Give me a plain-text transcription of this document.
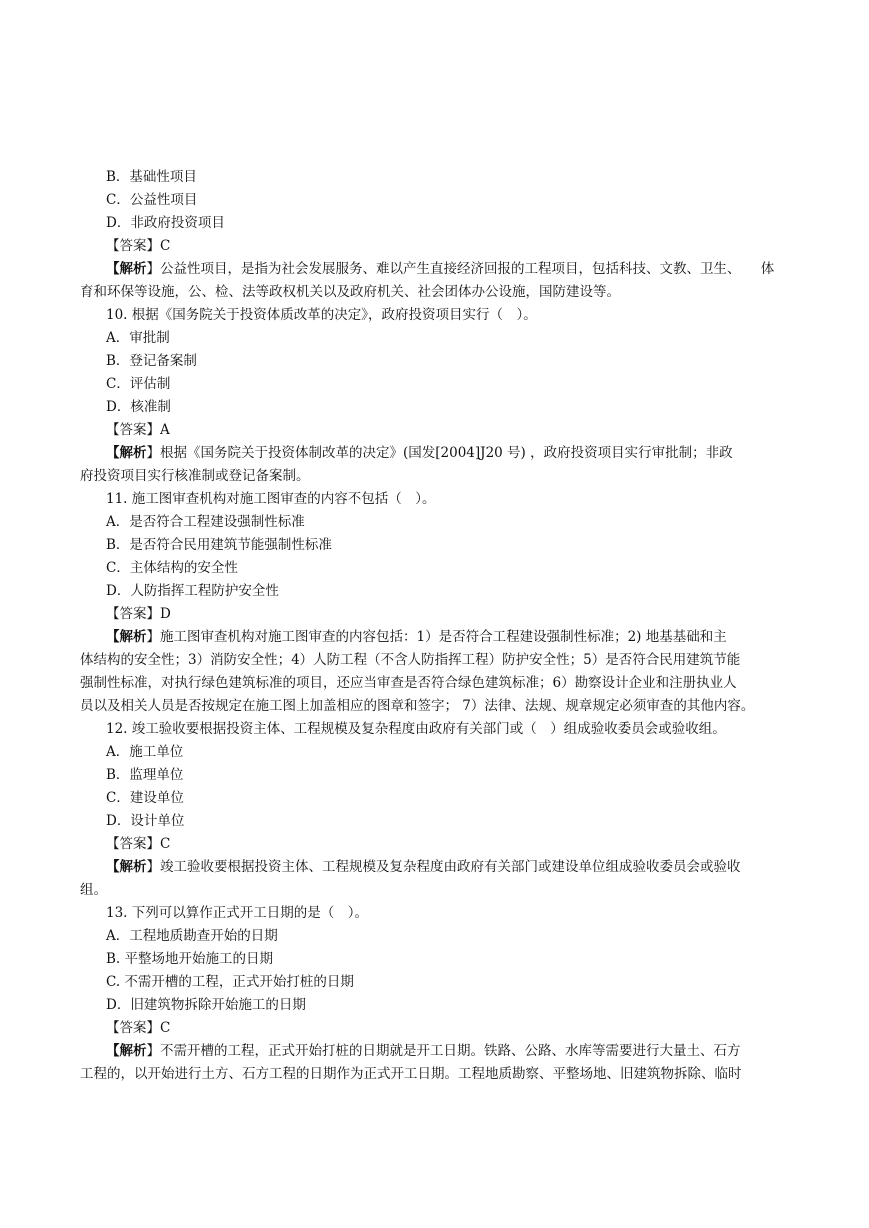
B．基础性项目
C．公益性项目
D．非政府投资项目
【答案】C
【解析】公益性项目，是指为社会发展服务、难以产生直接经济回报的工程项目，包括科技、文教、卫生、　　体
育和环保等设施，公、检、法等政权机关以及政府机关、社会团体办公设施，国防建设等。
10. 根据《国务院关于投资体质改革的决定》，政府投资项目实行（　）。
A．审批制
B．登记备案制
C．评估制
D．核准制
【答案】A
【解析】根据《国务院关于投资体制改革的决定》(国发[2004]J20 号) ，政府投资项目实行审批制；非政
府投资项目实行核准制或登记备案制。
11. 施工图审查机构对施工图审查的内容不包括（　）。
A．是否符合工程建设强制性标准
B．是否符合民用建筑节能强制性标准
C．主体结构的安全性
D．人防指挥工程防护安全性
【答案】D
【解析】施工图审查机构对施工图审查的内容包括：1）是否符合工程建设强制性标准；2) 地基基础和主
体结构的安全性；3）消防安全性；4）人防工程（不含人防指挥工程）防护安全性；5）是否符合民用建筑节能
强制性标准，对执行绿色建筑标准的项目，还应当审查是否符合绿色建筑标准；6）勘察设计企业和注册执业人
员以及相关人员是否按规定在施工图上加盖相应的图章和签字； 7）法律、法规、规章规定必须审查的其他内容。
12. 竣工验收要根据投资主体、工程规模及复杂程度由政府有关部门或（　）组成验收委员会或验收组。
A．施工单位
B．监理单位
C．建设单位
D．设计单位
【答案】C
【解析】竣工验收要根据投资主体、工程规模及复杂程度由政府有关部门或建设单位组成验收委员会或验收
组。
13. 下列可以算作正式开工日期的是（　）。
A．工程地质勘查开始的日期
B. 平整场地开始施工的日期
C. 不需开槽的工程，正式开始打桩的日期
D．旧建筑物拆除开始施工的日期
【答案】C
【解析】不需开槽的工程，正式开始打桩的日期就是开工日期。铁路、公路、水库等需要进行大量土、石方
工程的，以开始进行土方、石方工程的日期作为正式开工日期。工程地质勘察、平整场地、旧建筑物拆除、临时
